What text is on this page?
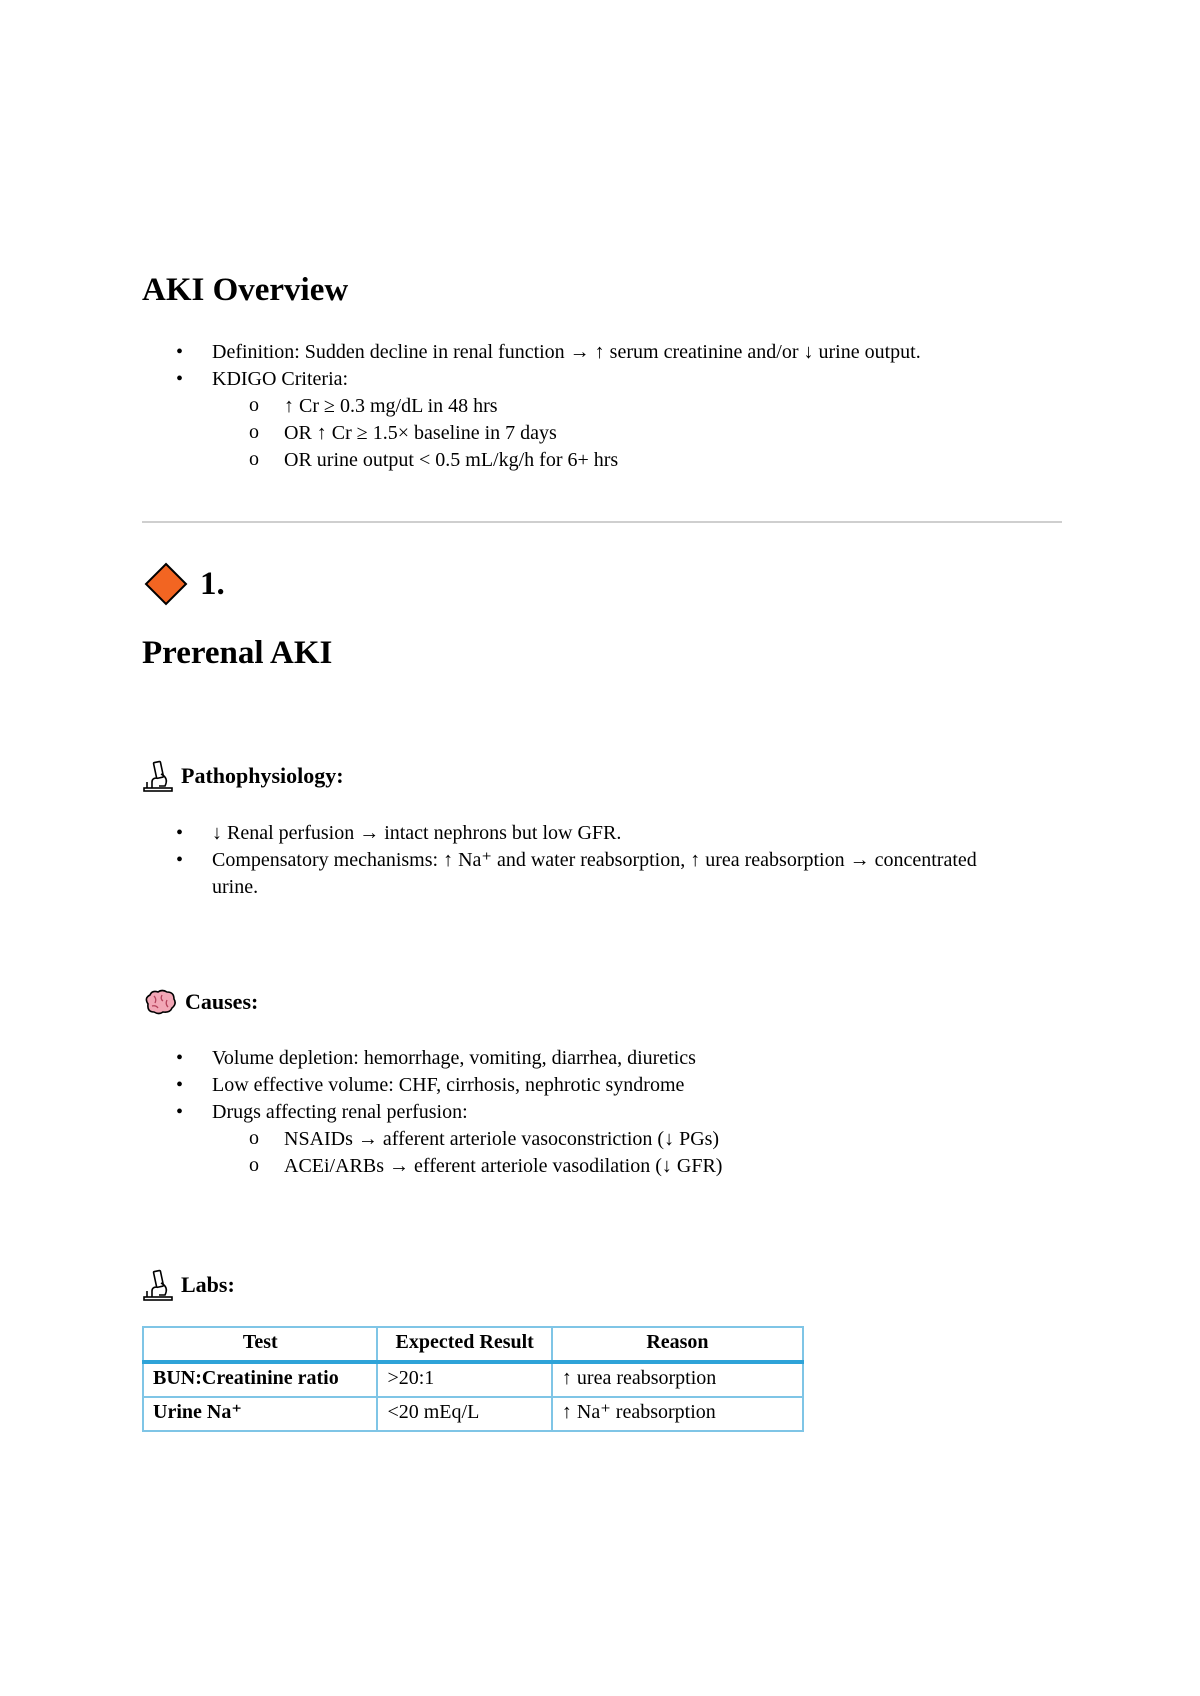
AKI Overview
• Definition: Sudden decline in renal function → ↑ serum creatinine and/or ↓ urine output.
• KDIGO Criteria:
o ↑ Cr ≥ 0.3 mg/dL in 48 hrs
o OR ↑ Cr ≥ 1.5× baseline in 7 days
o OR urine output < 0.5 mL/kg/h for 6+ hrs
1.
Prerenal AKI
Pathophysiology:
• ↓ Renal perfusion → intact nephrons but low GFR.
• Compensatory mechanisms: ↑ Na⁺ and water reabsorption, ↑ urea reabsorption → concentrated urine.
Causes:
• Volume depletion: hemorrhage, vomiting, diarrhea, diuretics
• Low effective volume: CHF, cirrhosis, nephrotic syndrome
• Drugs affecting renal perfusion:
o NSAIDs → afferent arteriole vasoconstriction (↓ PGs)
o ACEi/ARBs → efferent arteriole vasodilation (↓ GFR)
Labs:
Test	Expected Result	Reason
BUN:Creatinine ratio	>20:1	↑ urea reabsorption
Urine Na⁺	<20 mEq/L	↑ Na⁺ reabsorption
